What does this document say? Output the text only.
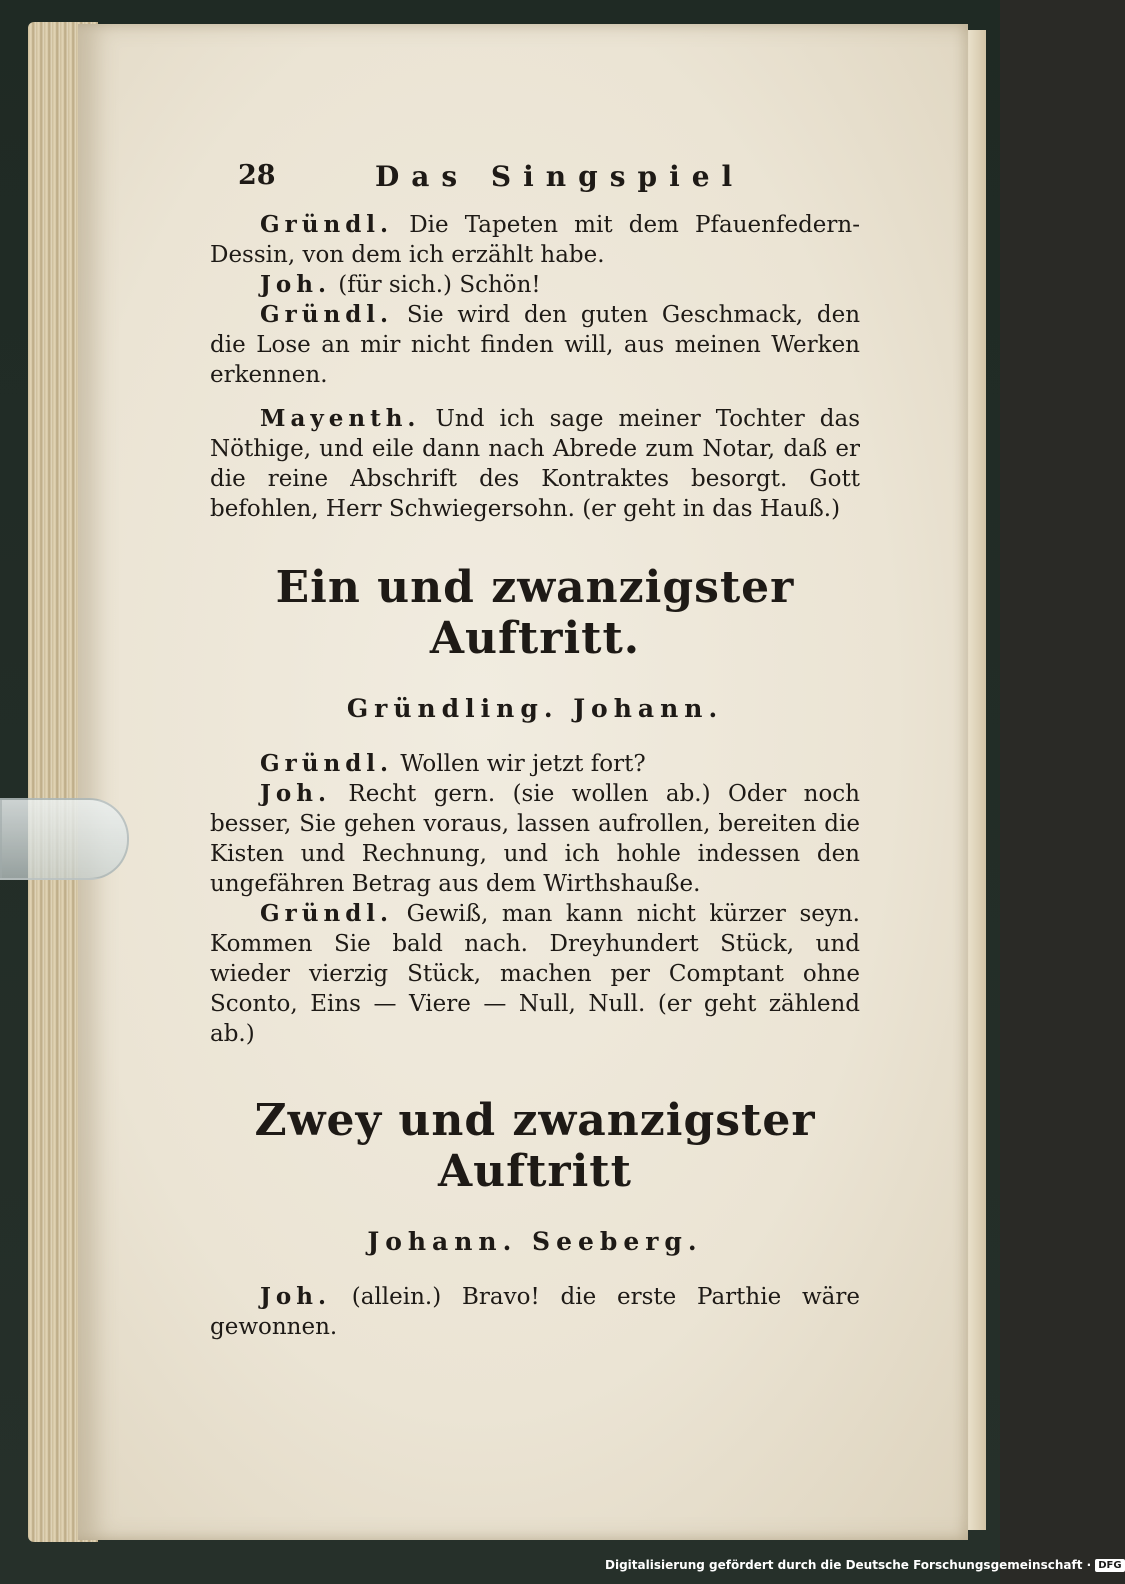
28	Das Singspiel

Gründl. Die Tapeten mit dem Pfauenfedern-Dessin, von dem ich erzählt habe.

Joh. (für sich.) Schön!

Gründl. Sie wird den guten Geschmack, den die Lose an mir nicht finden will, aus meinen Werken erkennen.

Mayenth. Und ich sage meiner Tochter das Nöthige, und eile dann nach Abrede zum Notar, daß er die reine Abschrift des Kontraktes besorgt. Gott befohlen, Herr Schwiegersohn. (er geht in das Hauß.)

Ein und zwanzigster Auftritt.
Gründling. Johann.

Gründl. Wollen wir jetzt fort?

Joh. Recht gern. (sie wollen ab.) Oder noch besser, Sie gehen voraus, lassen aufrollen, bereiten die Kisten und Rechnung, und ich hohle indessen den ungefähren Betrag aus dem Wirthshauße.

Gründl. Gewiß, man kann nicht kürzer seyn. Kommen Sie bald nach. Dreyhundert Stück, und wieder vierzig Stück, machen per Comptant ohne Sconto, Eins — Viere — Null, Null. (er geht zählend ab.)

Zwey und zwanzigster Auftritt
Johann. Seeberg.

Joh. (allein.) Bravo! die erste Parthie wäre gewonnen.

Digitalisierung gefördert durch die Deutsche Forschungsgemeinschaft · DFG
